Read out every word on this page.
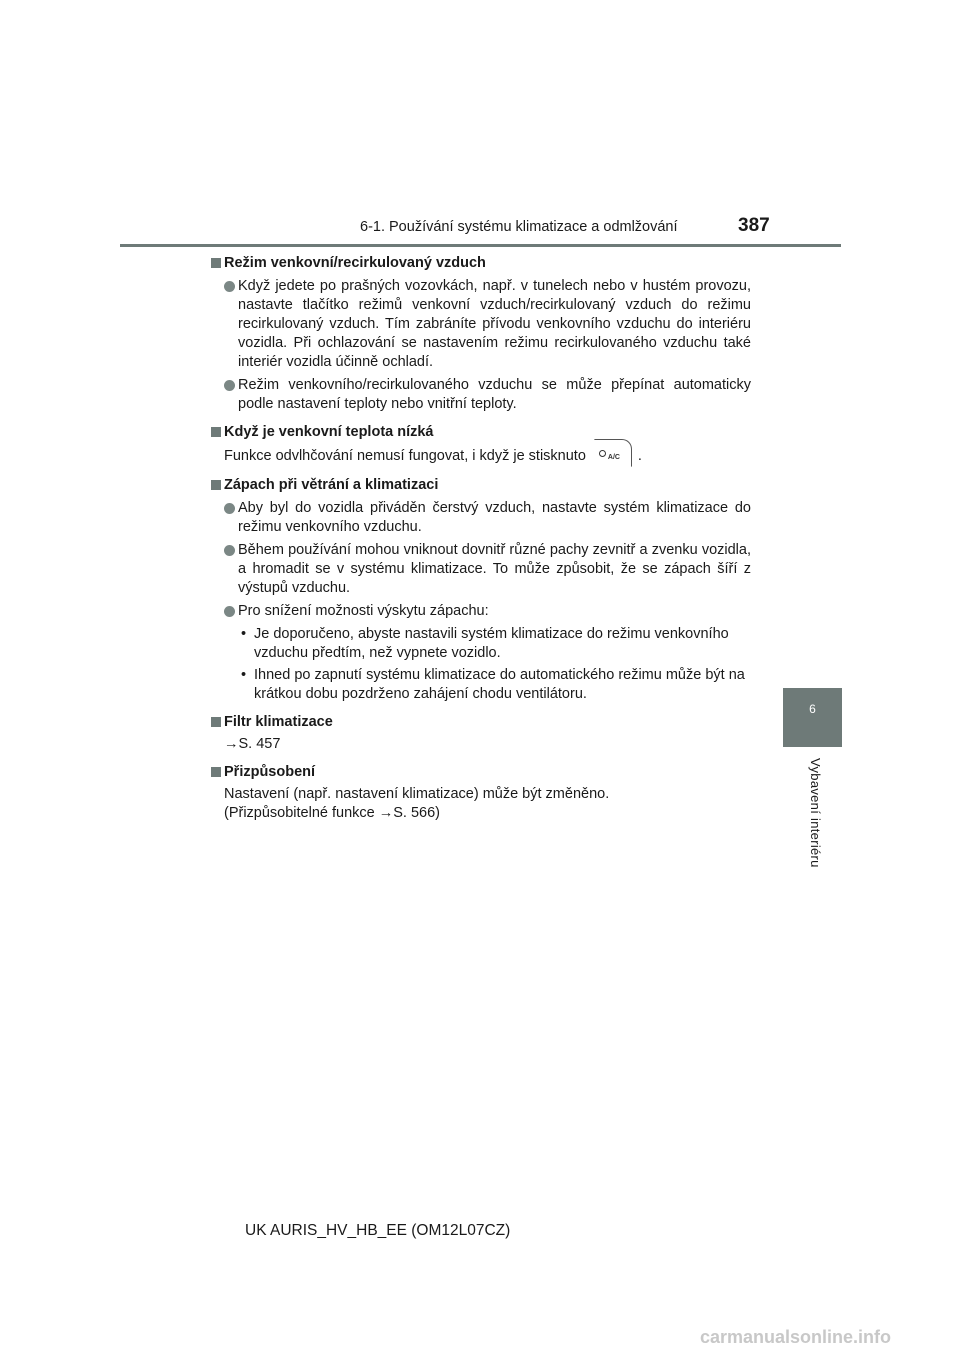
6-1. Používání systému klimatizace a odmlžování	387
6
Vybavení interiéru
Režim venkovní/recirkulovaný vzduch
Když jedete po prašných vozovkách, např. v tunelech nebo v hustém provozu, nastavte tlačítko režimů venkovní vzduch/recirkulovaný vzduch do režimu recirkulovaný vzduch. Tím zabráníte přívodu venkovního vzduchu do interiéru vozidla. Při ochlazování se nastavením režimu recirkulovaného vzduchu také interiér vozidla účinně ochladí.
Režim venkovního/recirkulovaného vzduchu se může přepínat automaticky podle nastavení teploty nebo vnitřní teploty.
Když je venkovní teplota nízká
Funkce odvlhčování nemusí fungovat, i když je stisknuto	A/C .
Zápach při větrání a klimatizaci
Aby byl do vozidla přiváděn čerstvý vzduch, nastavte systém klimatizace do režimu venkovního vzduchu.
Během používání mohou vniknout dovnitř různé pachy zevnitř a zvenku vozidla, a hromadit se v systému klimatizace. To může způsobit, že se zápach šíří z výstupů vzduchu.
Pro snížení možnosti výskytu zápachu:
• Je doporučeno, abyste nastavili systém klimatizace do režimu venkovního vzduchu předtím, než vypnete vozidlo.
• Ihned po zapnutí systému klimatizace do automatického režimu může být na krátkou dobu pozdrženo zahájení chodu ventilátoru.
Filtr klimatizace
→S. 457
Přizpůsobení
Nastavení (např. nastavení klimatizace) může být změněno.
(Přizpůsobitelné funkce →S. 566)
UK AURIS_HV_HB_EE (OM12L07CZ)
carmanualsonline.info
